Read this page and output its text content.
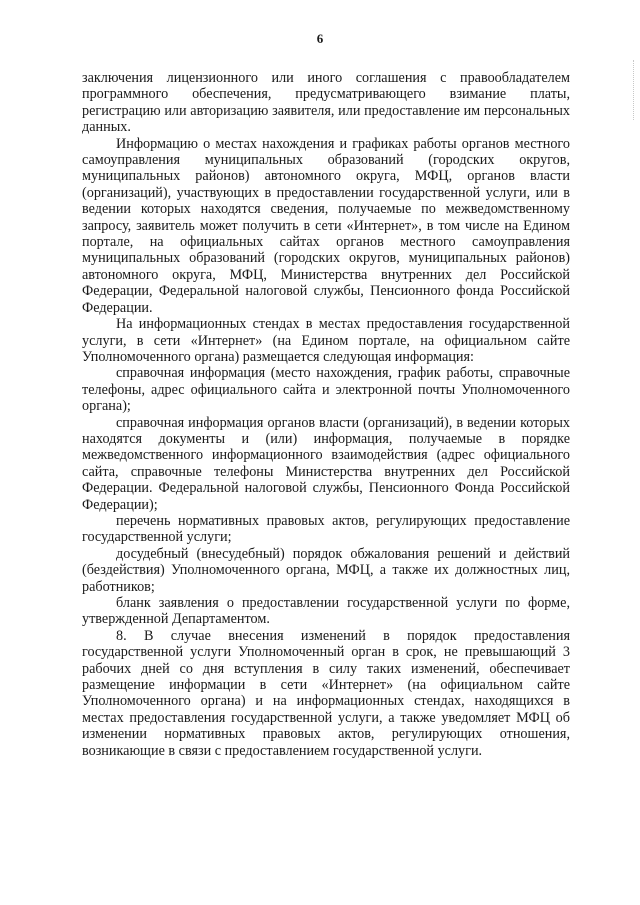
6

заключения лицензионного или иного соглашения с правообладателем программного обеспечения, предусматривающего взимание платы, регистрацию или авторизацию заявителя, или предоставление им персональных данных.

Информацию о местах нахождения и графиках работы органов местного самоуправления муниципальных образований (городских округов, муниципальных районов) автономного округа, МФЦ, органов власти (организаций), участвующих в предоставлении государственной услуги, или в ведении которых находятся сведения, получаемые по межведомственному запросу, заявитель может получить в сети «Интернет», в том числе на Едином портале, на официальных сайтах органов местного самоуправления муниципальных образований (городских округов, муниципальных районов) автономного округа, МФЦ, Министерства внутренних дел Российской Федерации, Федеральной налоговой службы, Пенсионного фонда Российской Федерации.

На информационных стендах в местах предоставления государственной услуги, в сети «Интернет» (на Едином портале, на официальном сайте Уполномоченного органа) размещается следующая информация:

справочная информация (место нахождения, график работы, справочные телефоны, адрес официального сайта и электронной почты Уполномоченного органа);

справочная информация органов власти (организаций), в ведении которых находятся документы и (или) информация, получаемые в порядке межведомственного информационного взаимодействия (адрес официального сайта, справочные телефоны Министерства внутренних дел Российской Федерации. Федеральной налоговой службы, Пенсионного Фонда Российской Федерации);

перечень нормативных правовых актов, регулирующих предоставление государственной услуги;

досудебный (внесудебный) порядок обжалования решений и действий (бездействия) Уполномоченного органа, МФЦ, а также их должностных лиц, работников;

бланк заявления о предоставлении государственной услуги по форме, утвержденной Департаментом.

8. В случае внесения изменений в порядок предоставления государственной услуги Уполномоченный орган в срок, не превышающий 3 рабочих дней со дня вступления в силу таких изменений, обеспечивает размещение информации в сети «Интернет» (на официальном сайте Уполномоченного органа) и на информационных стендах, находящихся в местах предоставления государственной услуги, а также уведомляет МФЦ об изменении нормативных правовых актов, регулирующих отношения, возникающие в связи с предоставлением государственной услуги.
